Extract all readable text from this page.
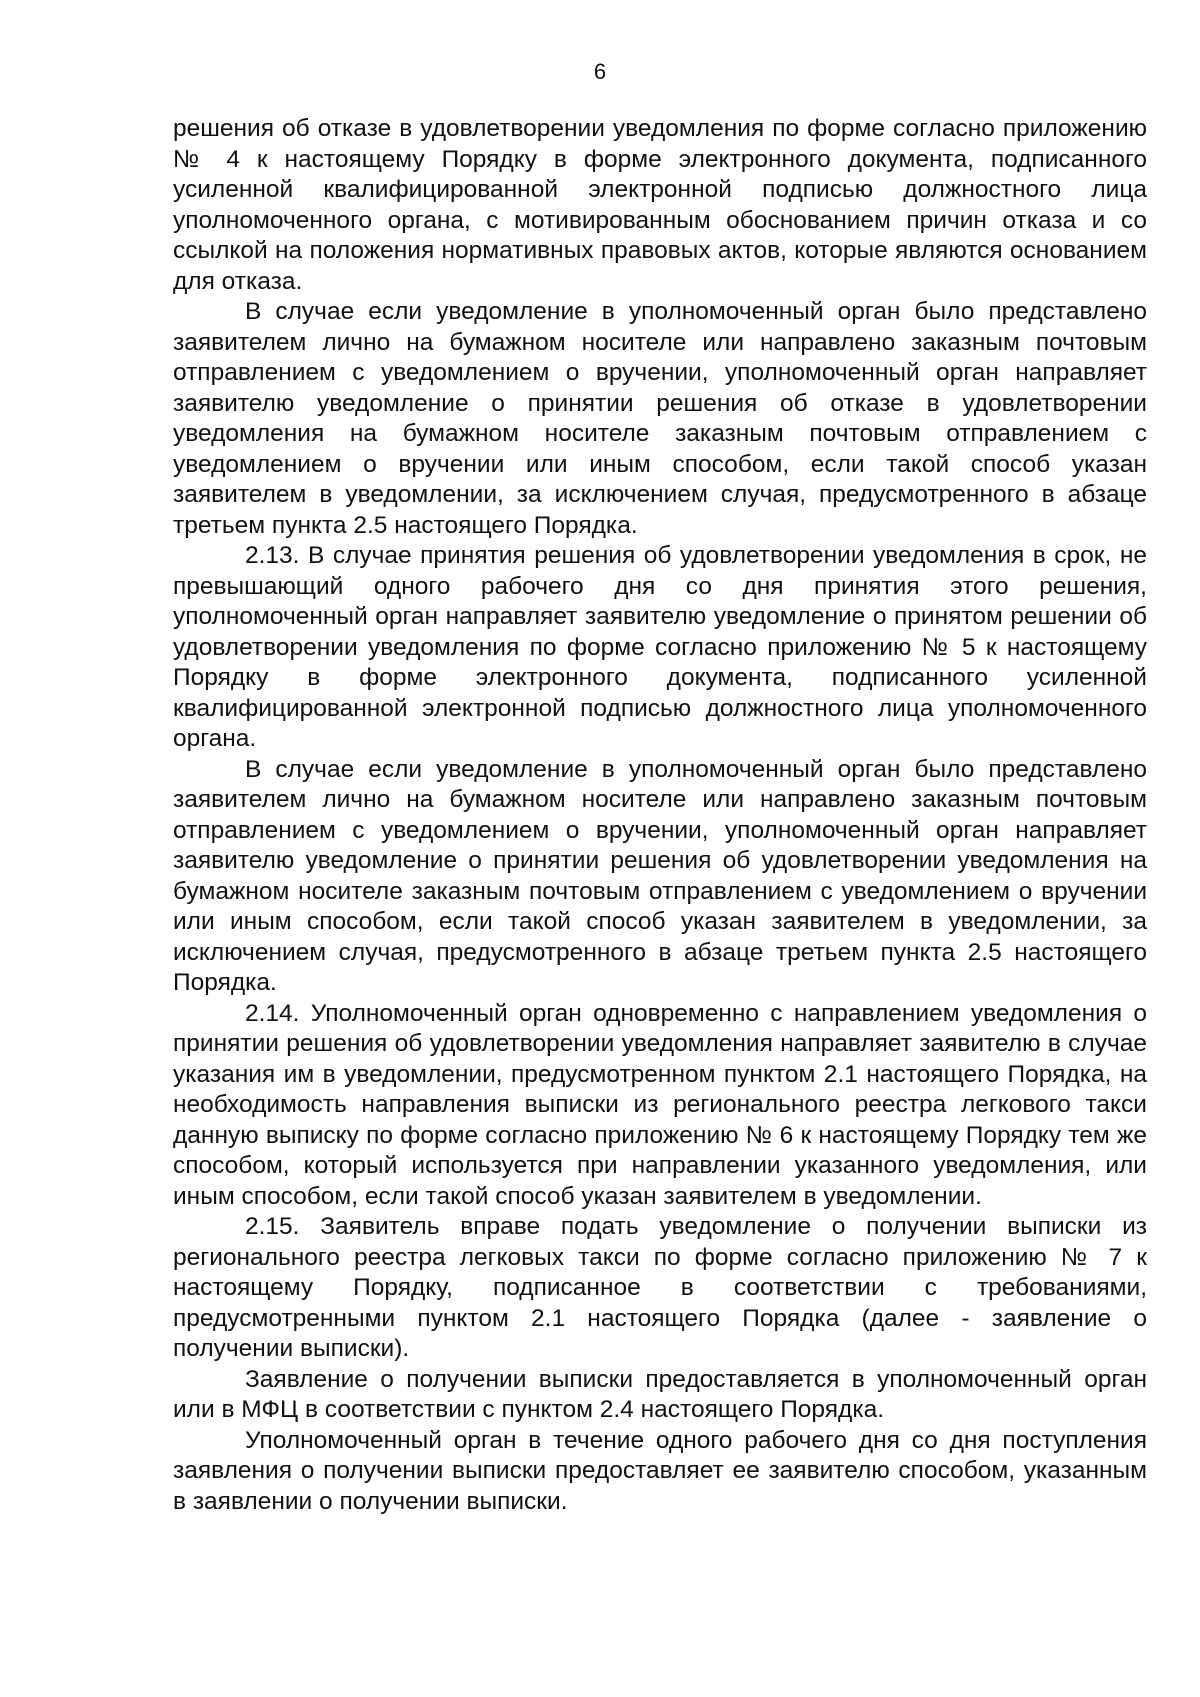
6

решения об отказе в удовлетворении уведомления по форме согласно приложению № 4 к настоящему Порядку в форме электронного документа, подписанного усиленной квалифицированной электронной подписью должностного лица уполномоченного органа, с мотивированным обоснованием причин отказа и со ссылкой на положения нормативных правовых актов, которые являются основанием для отказа.

В случае если уведомление в уполномоченный орган было представлено заявителем лично на бумажном носителе или направлено заказным почтовым отправлением с уведомлением о вручении, уполномоченный орган направляет заявителю уведомление о принятии решения об отказе в удовлетворении уведомления на бумажном носителе заказным почтовым отправлением с уведомлением о вручении или иным способом, если такой способ указан заявителем в уведомлении, за исключением случая, предусмотренного в абзаце третьем пункта 2.5 настоящего Порядка.

2.13. В случае принятия решения об удовлетворении уведомления в срок, не превышающий одного рабочего дня со дня принятия этого решения, уполномоченный орган направляет заявителю уведомление о принятом решении об удовлетворении уведомления по форме согласно приложению № 5 к настоящему Порядку в форме электронного документа, подписанного усиленной квалифицированной электронной подписью должностного лица уполномоченного органа.

В случае если уведомление в уполномоченный орган было представлено заявителем лично на бумажном носителе или направлено заказным почтовым отправлением с уведомлением о вручении, уполномоченный орган направляет заявителю уведомление о принятии решения об удовлетворении уведомления на бумажном носителе заказным почтовым отправлением с уведомлением о вручении или иным способом, если такой способ указан заявителем в уведомлении, за исключением случая, предусмотренного в абзаце третьем пункта 2.5 настоящего Порядка.

2.14. Уполномоченный орган одновременно с направлением уведомления о принятии решения об удовлетворении уведомления направляет заявителю в случае указания им в уведомлении, предусмотренном пунктом 2.1 настоящего Порядка, на необходимость направления выписки из регионального реестра легкового такси данную выписку по форме согласно приложению № 6 к настоящему Порядку тем же способом, который используется при направлении указанного уведомления, или иным способом, если такой способ указан заявителем в уведомлении.

2.15. Заявитель вправе подать уведомление о получении выписки из регионального реестра легковых такси по форме согласно приложению № 7 к настоящему Порядку, подписанное в соответствии с требованиями, предусмотренными пунктом 2.1 настоящего Порядка (далее - заявление о получении выписки).

Заявление о получении выписки предоставляется в уполномоченный орган или в МФЦ в соответствии с пунктом 2.4 настоящего Порядка.

Уполномоченный орган в течение одного рабочего дня со дня поступления заявления о получении выписки предоставляет ее заявителю способом, указанным в заявлении о получении выписки.
